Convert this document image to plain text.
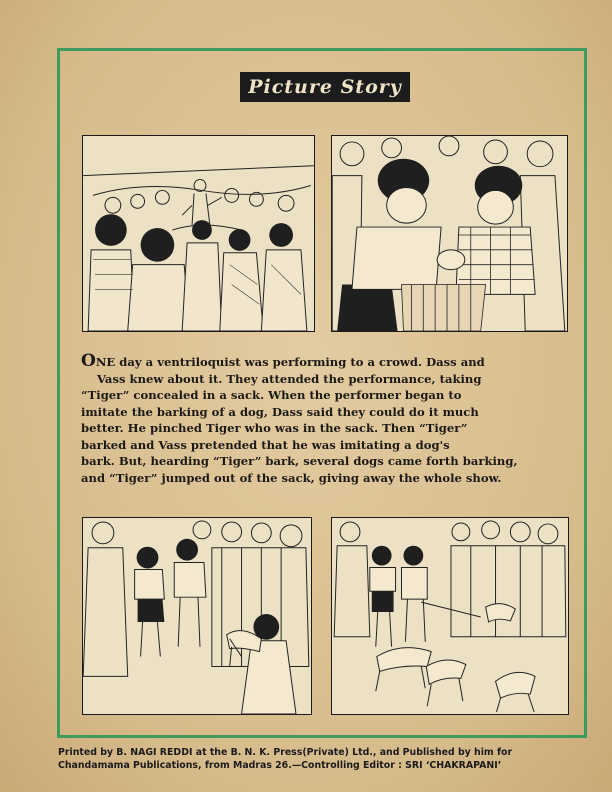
Picture Story
ONE day a ventriloquist was performing to a crowd. Dass and
Vass knew about it. They attended the performance, taking
“Tiger” concealed in a sack. When the performer began to
imitate the barking of a dog, Dass said they could do it much
better. He pinched Tiger who was in the sack. Then “Tiger”
barked and Vass pretended that he was imitating a dog's
bark. But, hearding “Tiger” bark, several dogs came forth barking,
and “Tiger” jumped out of the sack, giving away the whole show.
Printed by B. NAGI REDDI at the B. N. K. Press(Private) Ltd., and Published by him for
Chandamama Publications, from Madras 26.—Controlling Editor : SRI ‘CHAKRAPANI’
